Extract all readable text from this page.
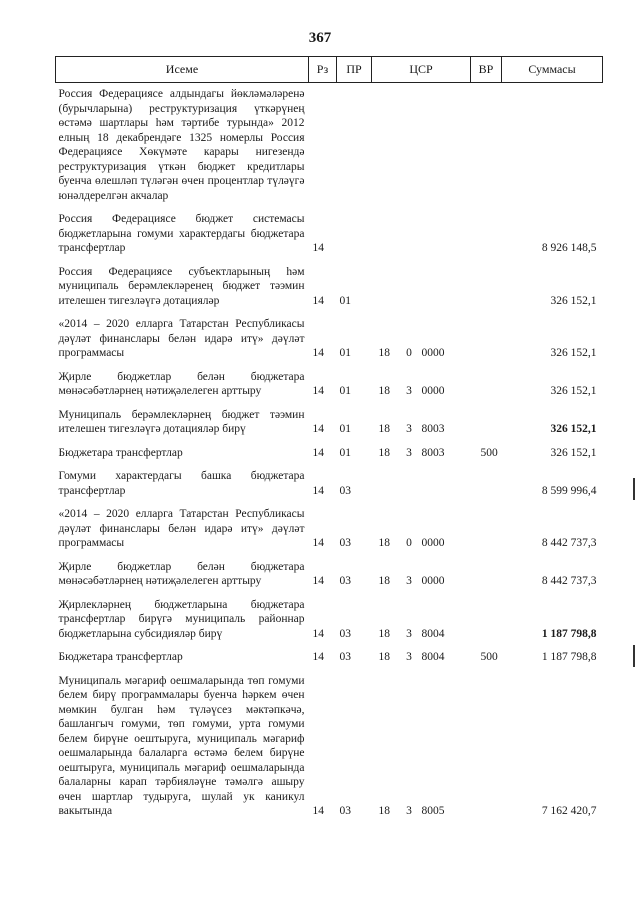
367
Исеме	Рз	ПР	ЦСР			ВР	Суммасы
Россия Федерациясе алдындагы йөкләмәләренә (бурычларына) реструктуризация үткәрүнең өстәмә шартлары һәм тәртибе турында» 2012 елның 18 декабрендәге 1325 номерлы Россия Федерациясе Хөкүмәте карары нигезендә реструктуризация үткән бюджет кредитлары буенча өлешләп түләгән өчен процентлар түләүгә юнәлдерелгән акчалар							
Россия Федерациясе бюджет системасы бюджетларына гомуми характердагы бюджетара трансфертлар	14						8 926 148,5
Россия Федерациясе субъектларының һәм муниципаль берәмлекләренең бюджет тәэмин ителешен тигезләүгә дотацияләр	14	01					326 152,1
«2014 – 2020 елларга Татарстан Республикасы дәүләт финанслары белән идарә итү» дәүләт программасы	14	01	18	0	0000		326 152,1
Җирле бюджетлар белән бюджетара мөнәсәбәтләрнең нәтиҗәлелеген арттыру	14	01	18	3	0000		326 152,1
Муниципаль берәмлекләрнең бюджет тәэмин ителешен тигезләүгә дотацияләр бирү	14	01	18	3	8003		326 152,1
Бюджетара трансфертлар	14	01	18	3	8003	500	326 152,1
Гомуми характердагы башка бюджетара трансфертлар	14	03					8 599 996,4
«2014 – 2020 елларга Татарстан Республикасы дәүләт финанслары белән идарә итү» дәүләт программасы	14	03	18	0	0000		8 442 737,3
Җирле бюджетлар белән бюджетара мөнәсәбәтләрнең нәтиҗәлелеген арттыру	14	03	18	3	0000		8 442 737,3
Җирлекләрнең бюджетларына бюджетара трансфертлар бирүгә муниципаль районнар бюджетларына субсидияләр бирү	14	03	18	3	8004		1 187 798,8
Бюджетара трансфертлар	14	03	18	3	8004	500	1 187 798,8
Муниципаль мәгариф оешмаларында төп гомуми белем бирү программалары буенча һәркем өчен мөмкин булган һәм түләүсез мәктәпкәчә, башлангыч гомуми, төп гомуми, урта гомуми белем бирүне оештыруга, муниципаль мәгариф оешмаларында балаларга өстәмә белем бирүне оештыруга, муниципаль мәгариф оешмаларында балаларны карап тәрбияләүне тәмәлгә ашыру өчен шартлар тудыруга, шулай ук каникул вакытында	14	03	18	3	8005		7 162 420,7
